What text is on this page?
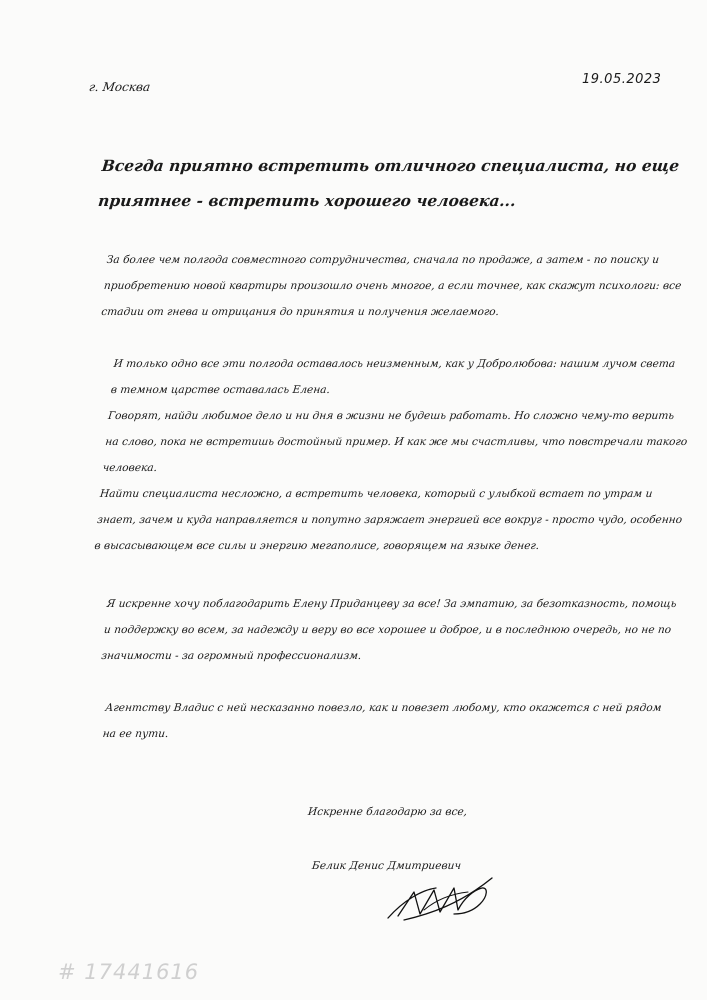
г. Москва	19.05.2023
Всегда приятно встретить отличного специалиста, но еще
приятнее - встретить хорошего человека...
За более чем полгода совместного сотрудничества, сначала по продаже, а затем - по поиску и
приобретению новой квартиры произошло очень многое, а если точнее, как скажут психологи: все
стадии от гнева и отрицания до принятия и получения желаемого.
И только одно все эти полгода оставалось неизменным, как у Добролюбова: нашим лучом света
в темном царстве оставалась Елена.
Говорят, найди любимое дело и ни дня в жизни не будешь работать. Но сложно чему-то верить
на слово, пока не встретишь достойный пример. И как же мы счастливы, что повстречали такого
человека.
Найти специалиста несложно, а встретить человека, который с улыбкой встает по утрам и
знает, зачем и куда направляется и попутно заряжает энергией все вокруг - просто чудо, особенно
в высасывающем все силы и энергию мегаполисе, говорящем на языке денег.
Я искренне хочу поблагодарить Елену Приданцеву за все! За эмпатию, за безотказность, помощь
и поддержку во всем, за надежду и веру во все хорошее и доброе, и в последнюю очередь, но не по
значимости - за огромный профессионализм.
Агентству Владис с ней несказанно повезло, как и повезет любому, кто окажется с ней рядом
на ее пути.
Искренне благодарю за все,
Белик Денис Дмитриевич
# 17441616
